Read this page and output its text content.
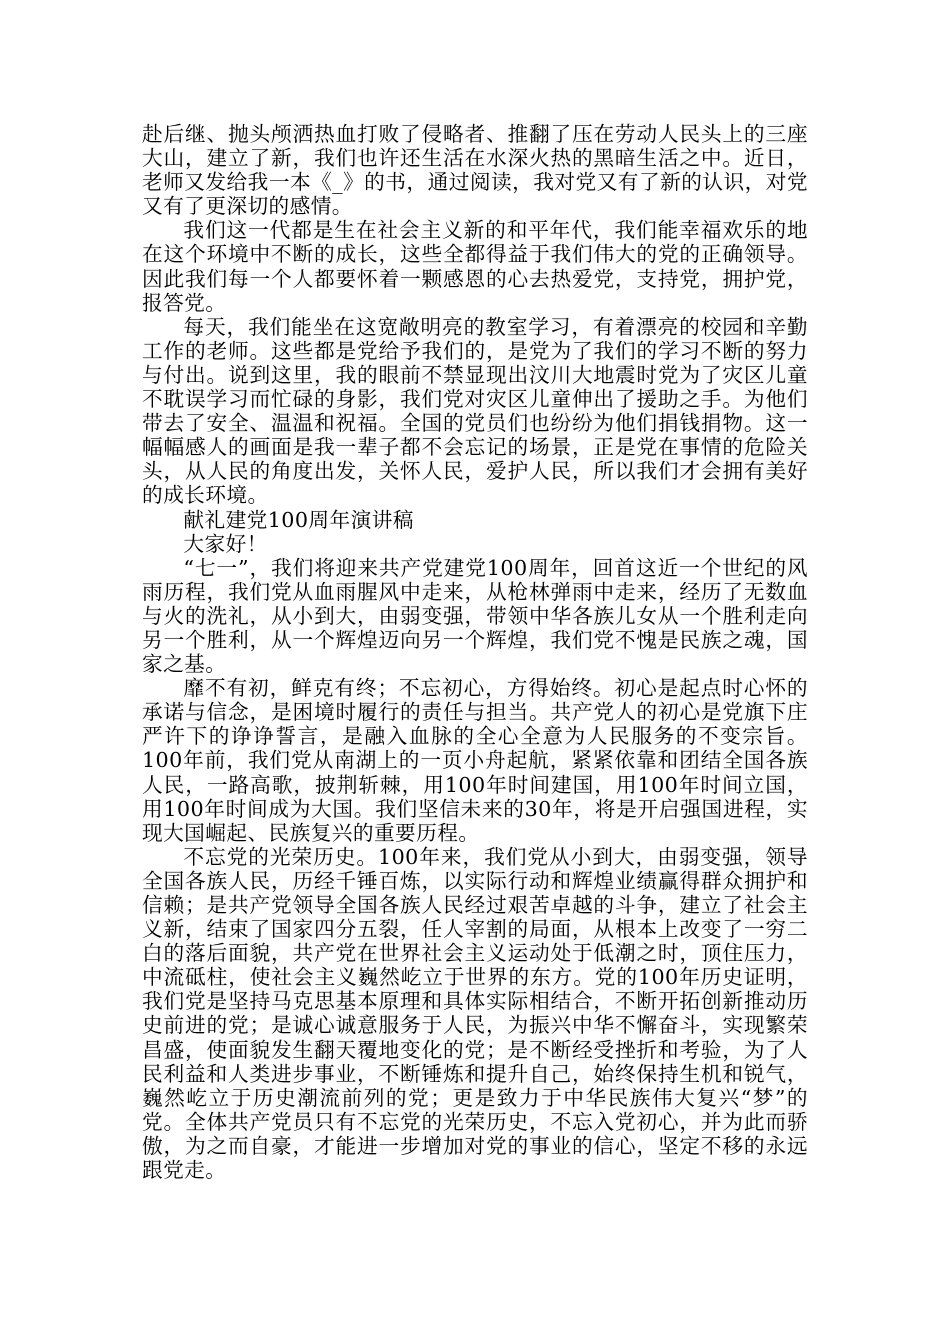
赴后继、抛头颅洒热血打败了侵略者、推翻了压在劳动人民头上的三座大山，建立了新，我们也许还生活在水深火热的黑暗生活之中。近日，老师又发给我一本《_》的书，通过阅读，我对党又有了新的认识，对党又有了更深切的感情。

我们这一代都是生在社会主义新的和平年代，我们能幸福欢乐的地在这个环境中不断的成长，这些全都得益于我们伟大的党的正确领导。因此我们每一个人都要怀着一颗感恩的心去热爱党，支持党，拥护党，报答党。

每天，我们能坐在这宽敞明亮的教室学习，有着漂亮的校园和辛勤工作的老师。这些都是党给予我们的，是党为了我们的学习不断的努力与付出。说到这里，我的眼前不禁显现出汶川大地震时党为了灾区儿童不耽误学习而忙碌的身影，我们党对灾区儿童伸出了援助之手。为他们带去了安全、温温和祝福。全国的党员们也纷纷为他们捐钱捐物。这一幅幅感人的画面是我一辈子都不会忘记的场景，正是党在事情的危险关头，从人民的角度出发，关怀人民，爱护人民，所以我们才会拥有美好的成长环境。

献礼建党100周年演讲稿

大家好！

“七一”，我们将迎来共产党建党100周年，回首这近一个世纪的风雨历程，我们党从血雨腥风中走来，从枪林弹雨中走来，经历了无数血与火的洗礼，从小到大，由弱变强，带领中华各族儿女从一个胜利走向另一个胜利，从一个辉煌迈向另一个辉煌，我们党不愧是民族之魂，国家之基。

靡不有初，鲜克有终；不忘初心，方得始终。初心是起点时心怀的承诺与信念，是困境时履行的责任与担当。共产党人的初心是党旗下庄严许下的诤诤誓言，是融入血脉的全心全意为人民服务的不变宗旨。100年前，我们党从南湖上的一页小舟起航，紧紧依靠和团结全国各族人民，一路高歌，披荆斩棘，用100年时间建国，用100年时间立国，用100年时间成为大国。我们坚信未来的30年，将是开启强国进程，实现大国崛起、民族复兴的重要历程。

不忘党的光荣历史。100年来，我们党从小到大，由弱变强，领导全国各族人民，历经千锤百炼，以实际行动和辉煌业绩赢得群众拥护和信赖；是共产党领导全国各族人民经过艰苦卓越的斗争，建立了社会主义新，结束了国家四分五裂，任人宰割的局面，从根本上改变了一穷二白的落后面貌，共产党在世界社会主义运动处于低潮之时，顶住压力，中流砥柱，使社会主义巍然屹立于世界的东方。党的100年历史证明，我们党是坚持马克思基本原理和具体实际相结合，不断开拓创新推动历史前进的党；是诚心诚意服务于人民，为振兴中华不懈奋斗，实现繁荣昌盛，使面貌发生翻天覆地变化的党；是不断经受挫折和考验，为了人民利益和人类进步事业，不断锤炼和提升自己，始终保持生机和锐气，巍然屹立于历史潮流前列的党；更是致力于中华民族伟大复兴“梦”的党。全体共产党员只有不忘党的光荣历史，不忘入党初心，并为此而骄傲，为之而自豪，才能进一步增加对党的事业的信心，坚定不移的永远跟党走。
